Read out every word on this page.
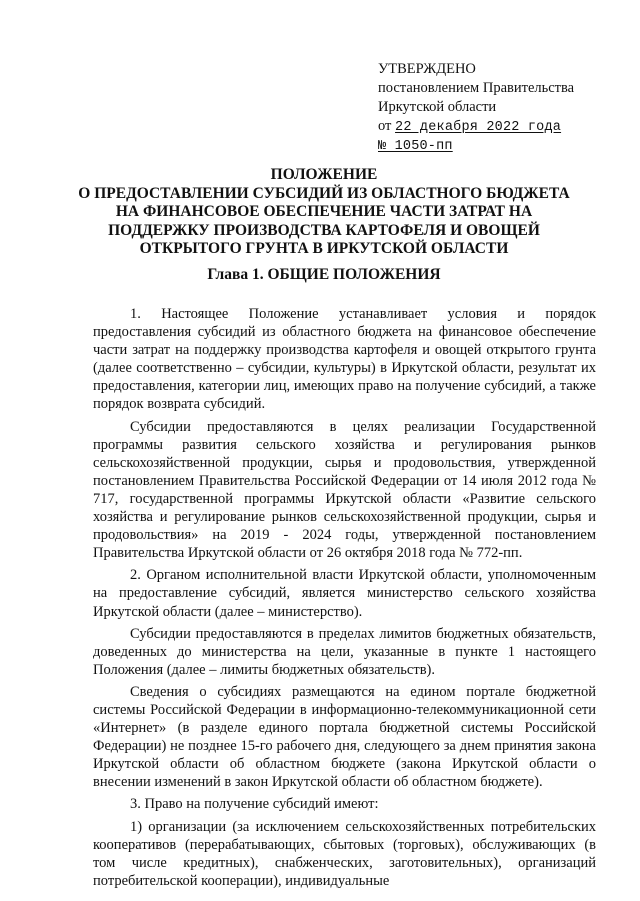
УТВЕРЖДЕНО
постановлением Правительства
Иркутской области
от 22 декабря 2022 года
№ 1050-пп
ПОЛОЖЕНИЕ
О ПРЕДОСТАВЛЕНИИ СУБСИДИЙ ИЗ ОБЛАСТНОГО БЮДЖЕТА
НА ФИНАНСОВОЕ ОБЕСПЕЧЕНИЕ ЧАСТИ ЗАТРАТ НА
ПОДДЕРЖКУ ПРОИЗВОДСТВА КАРТОФЕЛЯ И ОВОЩЕЙ
ОТКРЫТОГО ГРУНТА В ИРКУТСКОЙ ОБЛАСТИ
Глава 1. ОБЩИЕ ПОЛОЖЕНИЯ

1. Настоящее Положение устанавливает условия и порядок предоставления субсидий из областного бюджета на финансовое обеспечение части затрат на поддержку производства картофеля и овощей открытого грунта (далее соответственно – субсидии, культуры) в Иркутской области, результат их предоставления, категории лиц, имеющих право на получение субсидий, а также порядок возврата субсидий.

Субсидии предоставляются в целях реализации Государственной программы развития сельского хозяйства и регулирования рынков сельскохозяйственной продукции, сырья и продовольствия, утвержденной постановлением Правительства Российской Федерации от 14 июля 2012 года № 717, государственной программы Иркутской области «Развитие сельского хозяйства и регулирование рынков сельскохозяйственной продукции, сырья и продовольствия» на 2019 - 2024 годы, утвержденной постановлением Правительства Иркутской области от 26 октября 2018 года № 772-пп.

2. Органом исполнительной власти Иркутской области, уполномоченным на предоставление субсидий, является министерство сельского хозяйства Иркутской области (далее – министерство).

Субсидии предоставляются в пределах лимитов бюджетных обязательств, доведенных до министерства на цели, указанные в пункте 1 настоящего Положения (далее – лимиты бюджетных обязательств).

Сведения о субсидиях размещаются на едином портале бюджетной системы Российской Федерации в информационно-телекоммуникационной сети «Интернет» (в разделе единого портала бюджетной системы Российской Федерации) не позднее 15-го рабочего дня, следующего за днем принятия закона Иркутской области об областном бюджете (закона Иркутской области о внесении изменений в закон Иркутской области об областном бюджете).

3. Право на получение субсидий имеют:

1) организации (за исключением сельскохозяйственных потребительских кооперативов (перерабатывающих, сбытовых (торговых), обслуживающих (в том числе кредитных), снабженческих, заготовительных), организаций потребительской кооперации), индивидуальные
